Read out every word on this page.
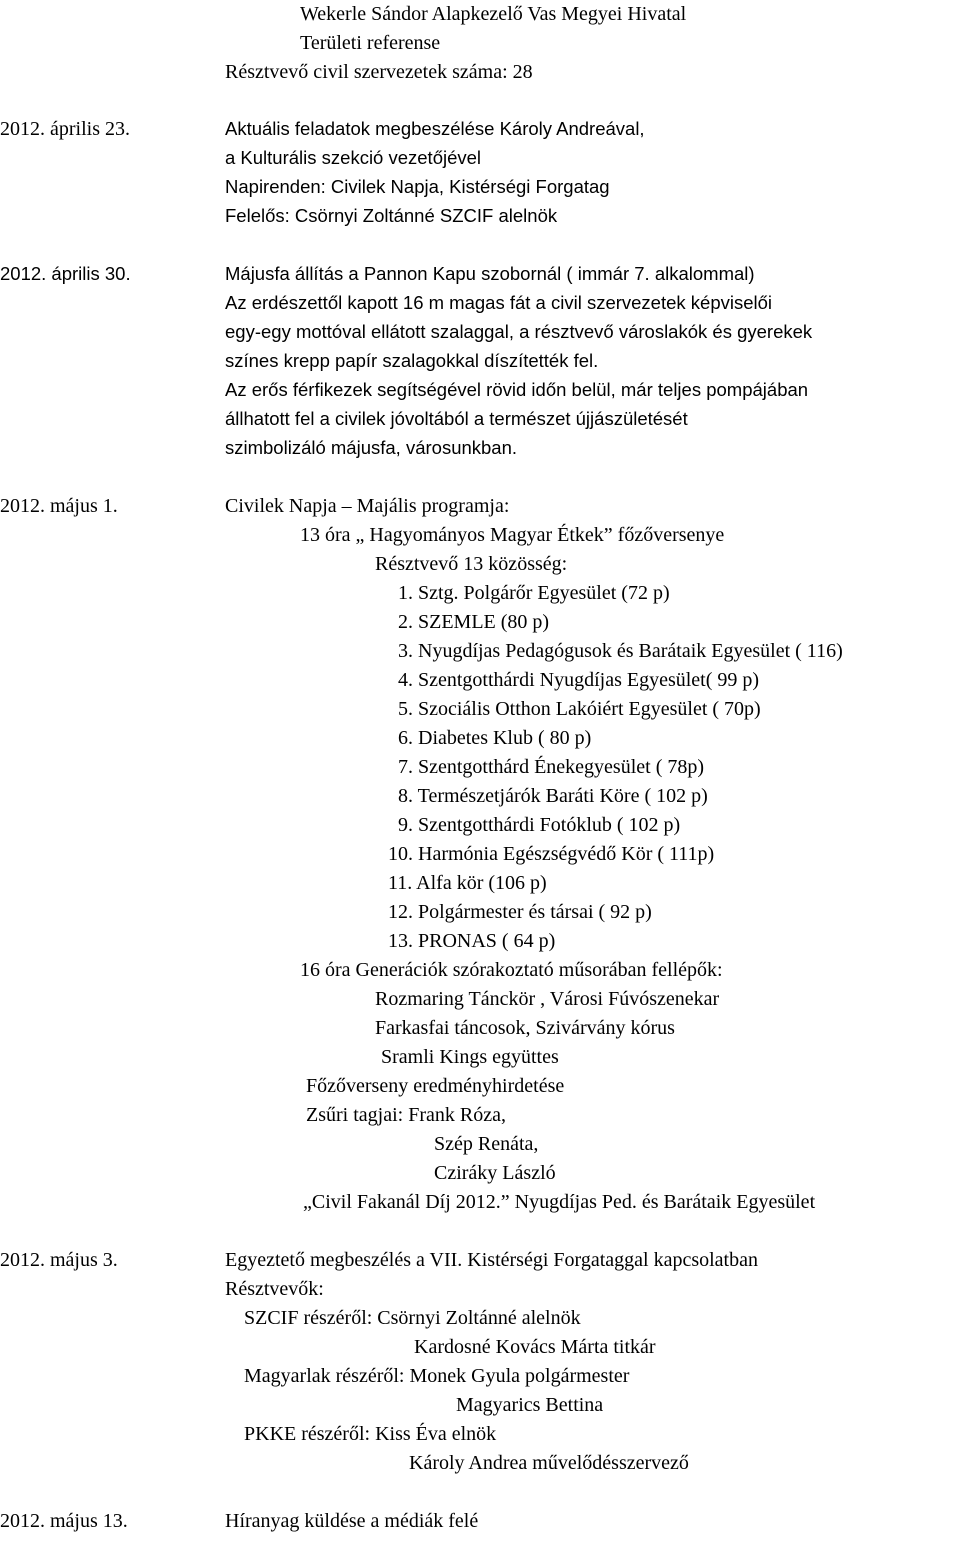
Wekerle Sándor Alapkezelő Vas Megyei Hivatal
Területi referense
Résztvevő civil szervezetek száma: 28
2012. április 23.	Aktuális feladatok megbeszélése Károly Andreával,
a Kulturális szekció vezetőjével
Napirenden: Civilek Napja, Kistérségi Forgatag
Felelős: Csörnyi Zoltánné SZCIF alelnök
2012. április 30.	Májusfa állítás a Pannon Kapu szobornál ( immár 7. alkalommal)
Az erdészettől kapott 16 m magas fát a civil szervezetek képviselői
egy-egy mottóval ellátott szalaggal, a résztvevő városlakók és gyerekek
színes krepp papír szalagokkal díszítették fel.
Az erős férfikezek segítségével rövid időn belül, már teljes pompájában
állhatott fel a civilek jóvoltából a természet újjászületését
szimbolizáló májusfa, városunkban.
2012. május 1.	Civilek Napja – Majális programja:
13 óra „ Hagyományos Magyar Étkek” főzőversenye
Résztvevő 13 közösség:
1. Sztg. Polgárőr Egyesület (72 p)
2. SZEMLE (80 p)
3. Nyugdíjas Pedagógusok és Barátaik Egyesület ( 116)
4. Szentgotthárdi Nyugdíjas Egyesület( 99 p)
5. Szociális Otthon Lakóiért Egyesület ( 70p)
6. Diabetes Klub ( 80 p)
7. Szentgotthárd Énekegyesület ( 78p)
8. Természetjárók Baráti Köre ( 102 p)
9. Szentgotthárdi Fotóklub ( 102 p)
10. Harmónia Egészségvédő Kör ( 111p)
11. Alfa kör (106 p)
12. Polgármester és társai ( 92 p)
13. PRONAS ( 64 p)
16 óra Generációk szórakoztató műsorában fellépők:
Rozmaring Tánckör , Városi Fúvószenekar
Farkasfai táncosok, Szivárvány kórus
Sramli Kings együttes
Főzőverseny eredményhirdetése
Zsűri tagjai: Frank Róza,
Szép Renáta,
Cziráky László
„Civil Fakanál Díj 2012.” Nyugdíjas Ped. és Barátaik Egyesület
2012. május 3.	Egyeztető megbeszélés a VII. Kistérségi Forgataggal kapcsolatban
Résztvevők:
SZCIF részéről: Csörnyi Zoltánné alelnök
Kardosné Kovács Márta titkár
Magyarlak részéről: Monek Gyula polgármester
Magyarics Bettina
PKKE részéről: Kiss Éva elnök
Károly Andrea művelődésszervező
2012. május 13.	Híranyag küldése a médiák felé
